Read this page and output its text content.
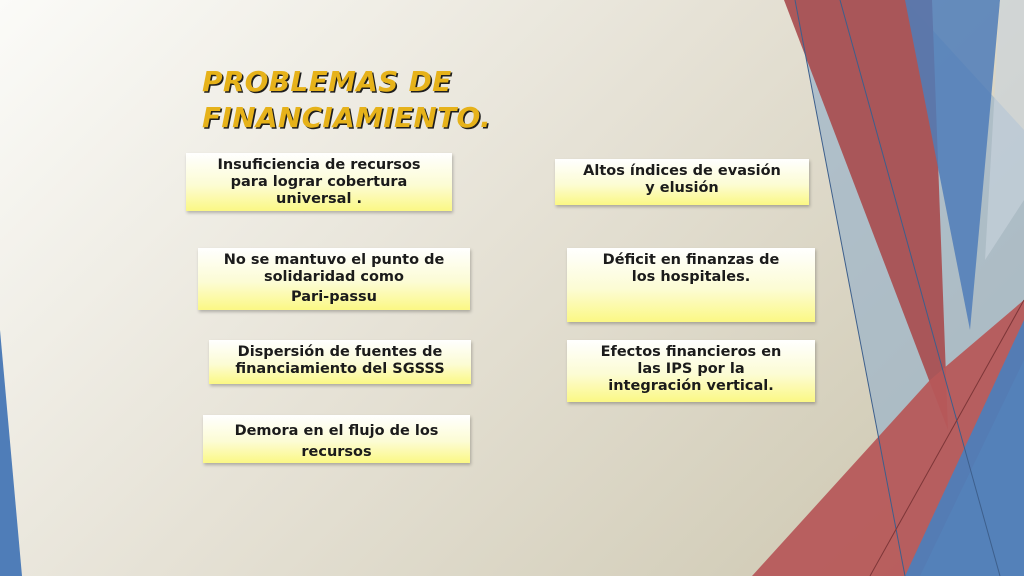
PROBLEMAS DE FINANCIAMIENTO.
Insuficiencia de recursos
para lograr cobertura
universal .
No se mantuvo el punto de
solidaridad como
Pari-passu
Dispersión de fuentes de
financiamiento del SGSSS
Demora en el flujo de los
recursos
Altos índices de evasión
y elusión
Déficit en finanzas de
los hospitales.
Efectos financieros en
las IPS por la
integración vertical.
